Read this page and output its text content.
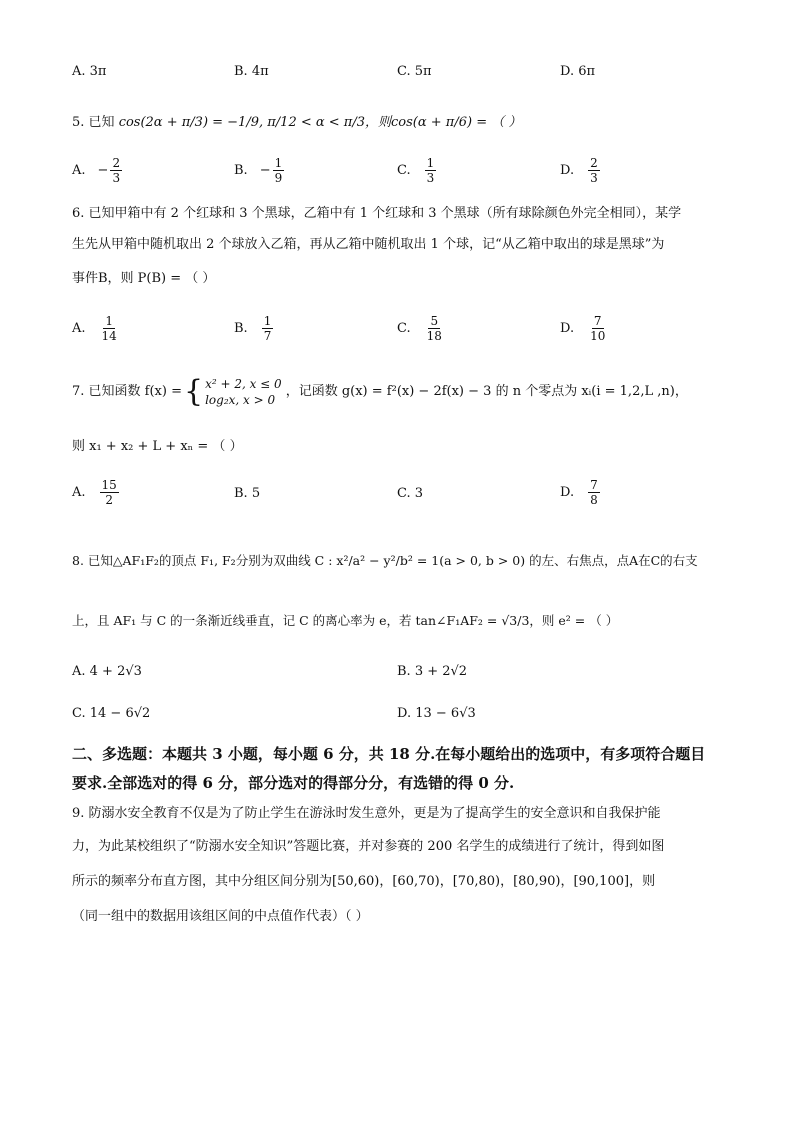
A. 3π	B. 4π	C. 5π	D. 6π
5. 已知 cos(2α + π/3) = −1/9, π/12 < α < π/3，则cos(α + π/6) = （ ）
A. − $\frac{2}{3}$	B. − $\frac{1}{9}$	C. $\frac{1}{3}$	D. $\frac{2}{3}$
6. 已知甲箱中有 2 个红球和 3 个黑球，乙箱中有 1 个红球和 3 个黑球（所有球除颜色外完全相同），某学
生先从甲箱中随机取出 2 个球放入乙箱，再从乙箱中随机取出 1 个球，记“从乙箱中取出的球是黑球”为
事件B，则 P(B) = （ ）
A. $\frac{1}{14}$	B. $\frac{1}{7}$	C. $\frac{5}{18}$	D. $\frac{7}{10}$
7. 已知函数 f(x) = { x² + 2, x ≤ 0
log₂x, x > 0
，记函数 g(x) = f²(x) − 2f(x) − 3 的 n 个零点为 xᵢ(i = 1,2,L ,n)，
则 x₁ + x₂ + L + xₙ = （ ）
A. $\frac{15}{2}$	B. 5	C. 3	D. $\frac{7}{8}$
8. 已知△AF₁F₂的顶点 F₁, F₂分别为双曲线 C : x²/a² − y²/b² = 1(a > 0, b > 0) 的左、右焦点，点A在C的右支
上，且 AF₁ 与 C 的一条渐近线垂直，记 C 的离心率为 e，若 tan∠F₁AF₂ = √3/3，则 e² = （ ）
A. 4 + 2√3	B. 3 + 2√2
C. 14 − 6√2	D. 13 − 6√3
二、多选题：本题共 3 小题，每小题 6 分，共 18 分.在每小题给出的选项中，有多项符合题目
要求.全部选对的得 6 分，部分选对的得部分分，有选错的得 0 分.
9. 防溺水安全教育不仅是为了防止学生在游泳时发生意外，更是为了提高学生的安全意识和自我保护能
力，为此某校组织了“防溺水安全知识”答题比赛，并对参赛的 200 名学生的成绩进行了统计，得到如图
所示的频率分布直方图，其中分组区间分别为[50,60)，[60,70)，[70,80)，[80,90)，[90,100]，则
（同一组中的数据用该组区间的中点值作代表）（ ）
